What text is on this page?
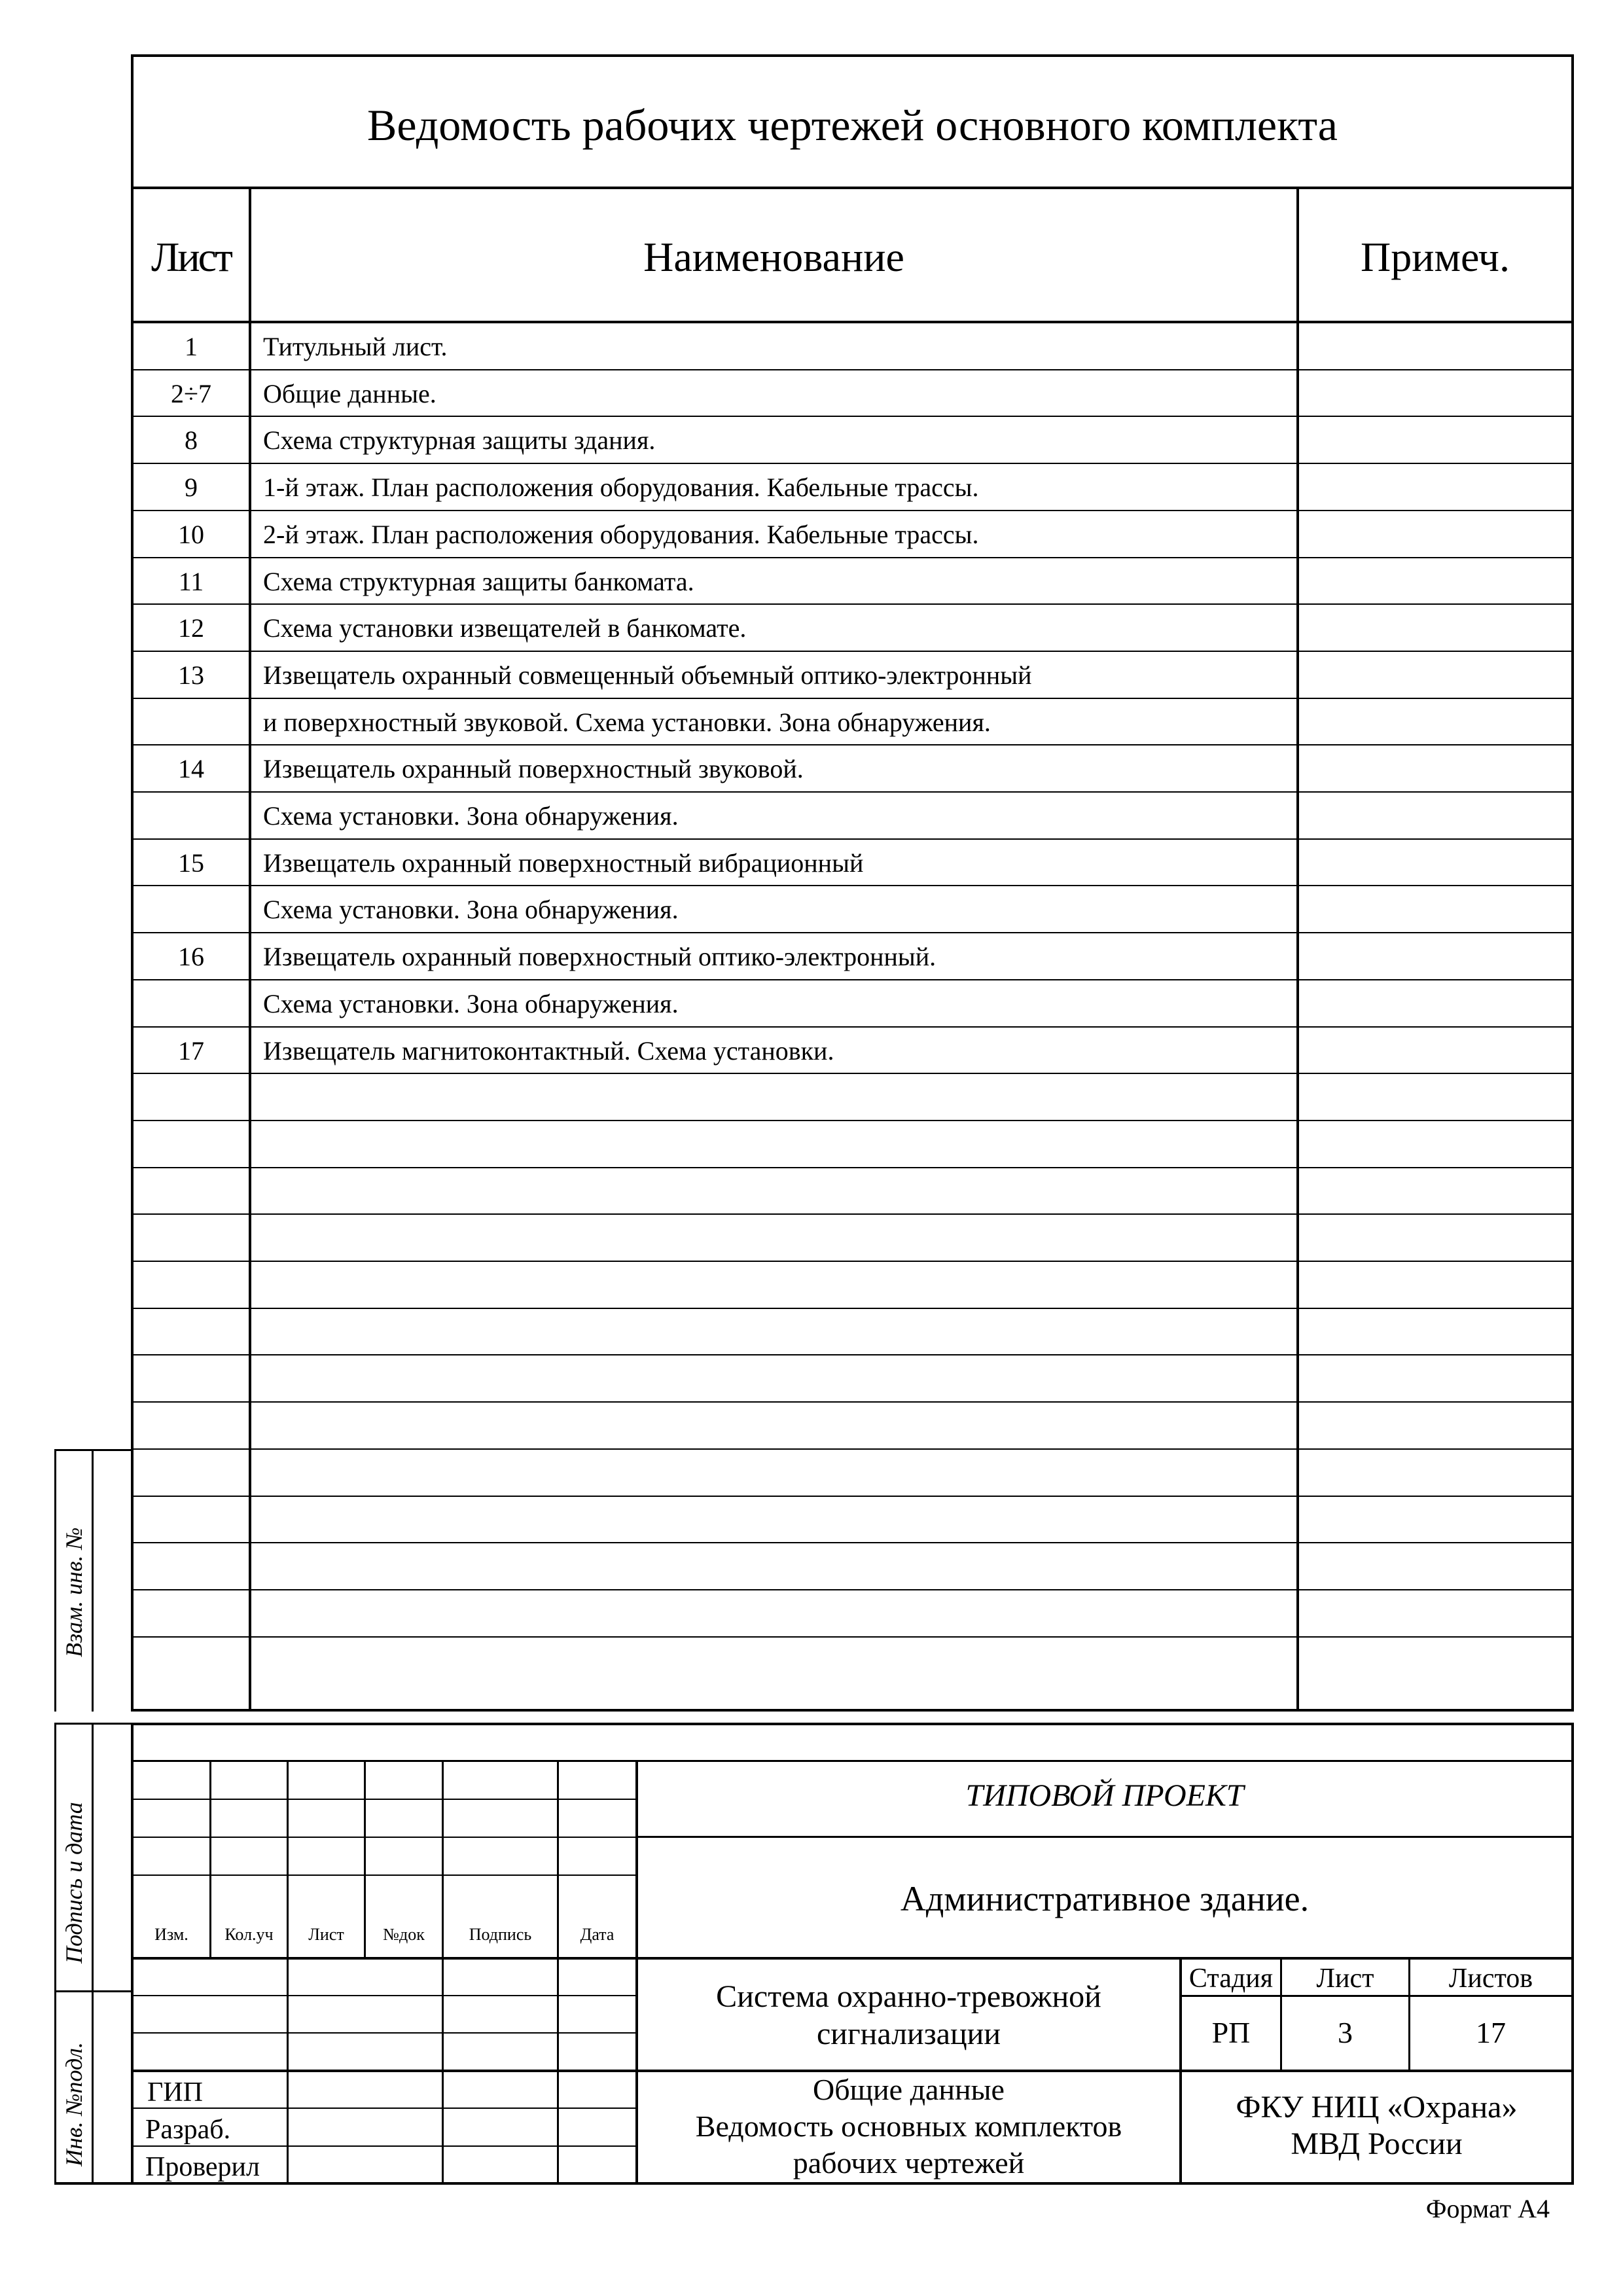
Ведомость рабочих чертежей основного комплекта
Лист	Наименование	Примеч.
1	Титульный лист.
2÷7	Общие данные.
8	Схема структурная защиты здания.
9	1-й этаж. План расположения оборудования. Кабельные трассы.
10	2-й этаж. План расположения оборудования. Кабельные трассы.
11	Схема структурная защиты банкомата.
12	Схема установки извещателей в банкомате.
13	Извещатель охранный совмещенный объемный оптико-электронный
и поверхностный звуковой. Схема установки. Зона обнаружения.
14	Извещатель охранный поверхностный звуковой.
Схема установки. Зона обнаружения.
15	Извещатель охранный поверхностный вибрационный
Схема установки. Зона обнаружения.
16	Извещатель охранный поверхностный оптико-электронный.
Схема установки. Зона обнаружения.
17	Извещатель магнитоконтактный. Схема установки.
Взам. инв. №
Подпись и дата
Инв. №подл.
Изм.	Кол.уч	Лист	№док	Подпись	Дата
ТИПОВОЙ ПРОЕКТ
Административное здание.
Система охранно-тревожной
сигнализации
Стадия	Лист	Листов
РП	3	17
Общие данные
Ведомость основных комплектов
рабочих чертежей
ФКУ НИЦ «Охрана»
МВД России
ГИП
Разраб.
Проверил
Формат А4
